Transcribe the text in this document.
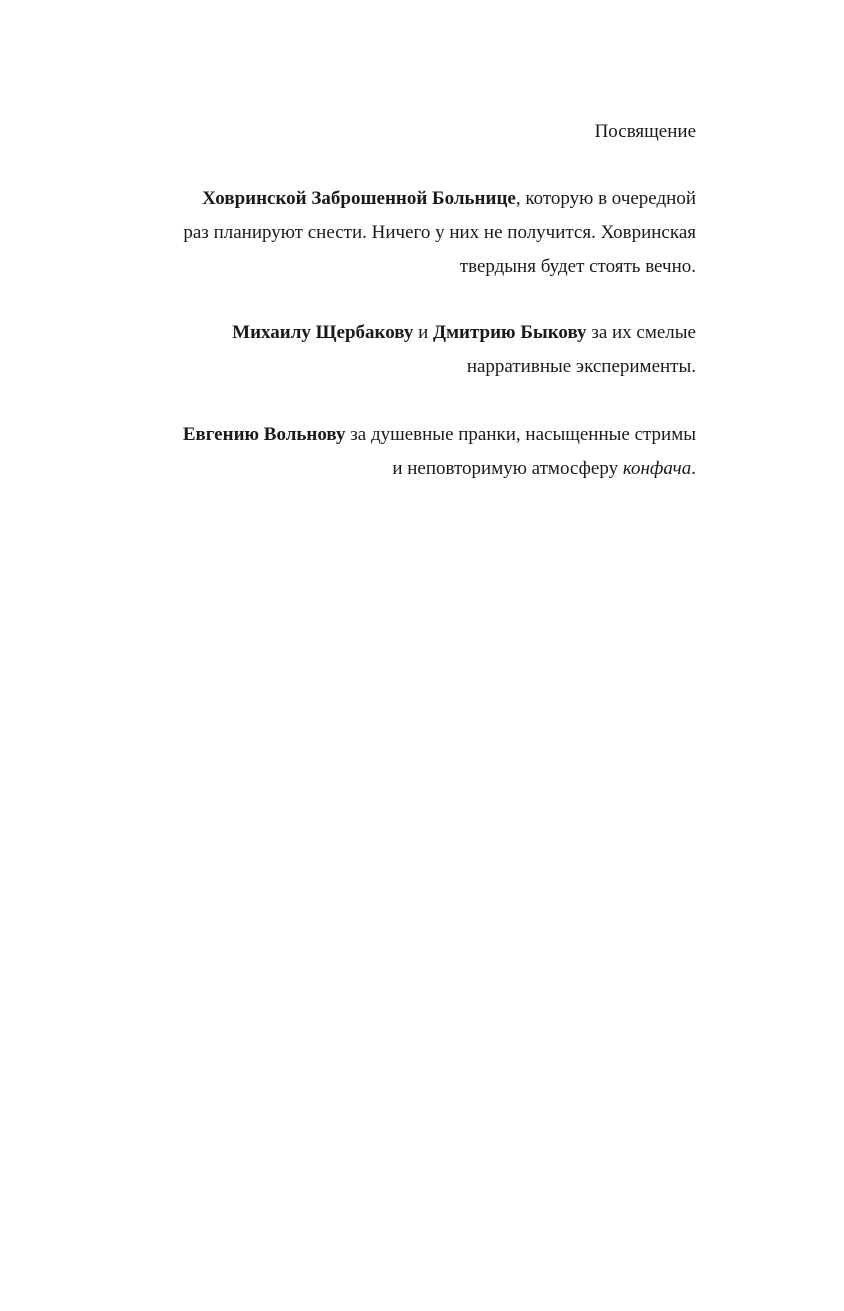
Посвящение
Ховринской Заброшенной Больнице, которую в очередной
раз планируют снести. Ничего у них не получится. Ховринская
твердыня будет стоять вечно.
Михаилу Щербакову и Дмитрию Быкову за их смелые
нарративные эксперименты.
Евгению Вольнову за душевные пранки, насыщенные стримы
и неповторимую атмосферу конфача.
